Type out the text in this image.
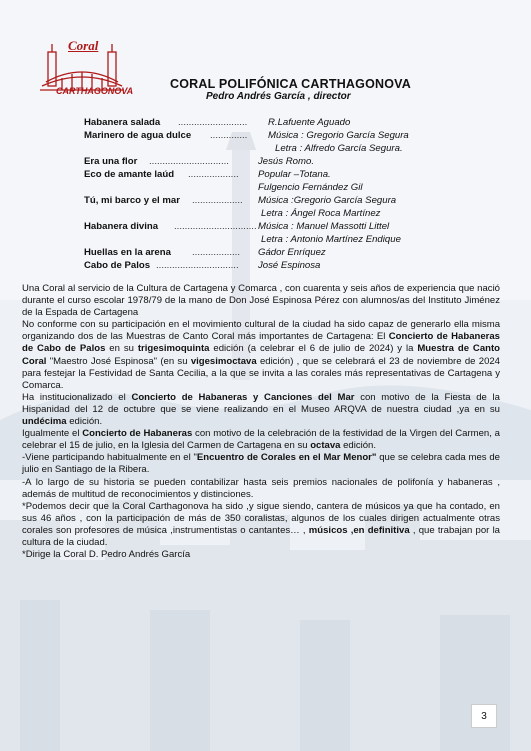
Coral
CARTHAGONOVA	CORAL POLIFÓNICA CARTHAGONOVA
Pedro Andrés García , director
Habanera salada .......................... R.Lafuente Aguado
Marinero de agua dulce .............. Música : Gregorio García Segura
Letra : Alfredo García Segura.
Era una flor ..............................	Jesús Romo.
Eco de amante laúd ................... Popular –Totana.
Fulgencio Fernández Gil
Tú, mi barco y el mar ................... Música :Gregorio García Segura
Letra : Ángel Roca Martínez
Habanera divina ............................... Música : Manuel Massotti Littel
Letra : Antonio Martínez Endique
Huellas en la arena .................. Gádor Enríquez
Cabo de Palos ............................... José Espinosa

Una Coral al servicio de la Cultura de Cartagena y Comarca , con cuarenta y seis años de experiencia que nació durante el curso escolar 1978/79 de la mano de Don José Espinosa Pérez con alumnos/as del Instituto Jiménez de la Espada de Cartagena

No conforme con su participación en el movimiento cultural de la ciudad ha sido capaz de generarlo ella misma organizando dos de las Muestras de Canto Coral más importantes de Cartagena: El Concierto de Habaneras de Cabo de Palos en su trigesimoquinta edición (a celebrar el 6 de julio de 2024) y la Muestra de Canto Coral "Maestro José Espinosa" (en su vigesimoctava edición) , que se celebrará el 23 de noviembre de 2024 para festejar la Festividad de Santa Cecilia, a la que se invita a las corales más representativas de Cartagena y Comarca.

Ha institucionalizado el Concierto de Habaneras y Canciones del Mar con motivo de la Fiesta de la Hispanidad del 12 de octubre que se viene realizando en el Museo ARQVA de nuestra ciudad ,ya en su undécima edición.

Igualmente el Concierto de Habaneras con motivo de la celebración de la festividad de la Virgen del Carmen, a celebrar el 15 de julio, en la Iglesia del Carmen de Cartagena en su octava edición.

-Viene participando habitualmente en el "Encuentro de Corales en el Mar Menor" que se celebra cada mes de julio en Santiago de la Ribera.

-A lo largo de su historia se pueden contabilizar hasta seis premios nacionales de polifonía y habaneras , además de multitud de reconocimientos y distinciones.

*Podemos decir que la Coral Carthagonova ha sido ,y sigue siendo, cantera de músicos ya que ha contado, en sus 46 años , con la participación de más de 350 coralistas, algunos de los cuales dirigen actualmente otras corales son profesores de música ,instrumentistas o cantantes… , músicos ,en definitiva , que trabajan por la cultura de la ciudad.

*Dirige la Coral D. Pedro Andrés García

3
